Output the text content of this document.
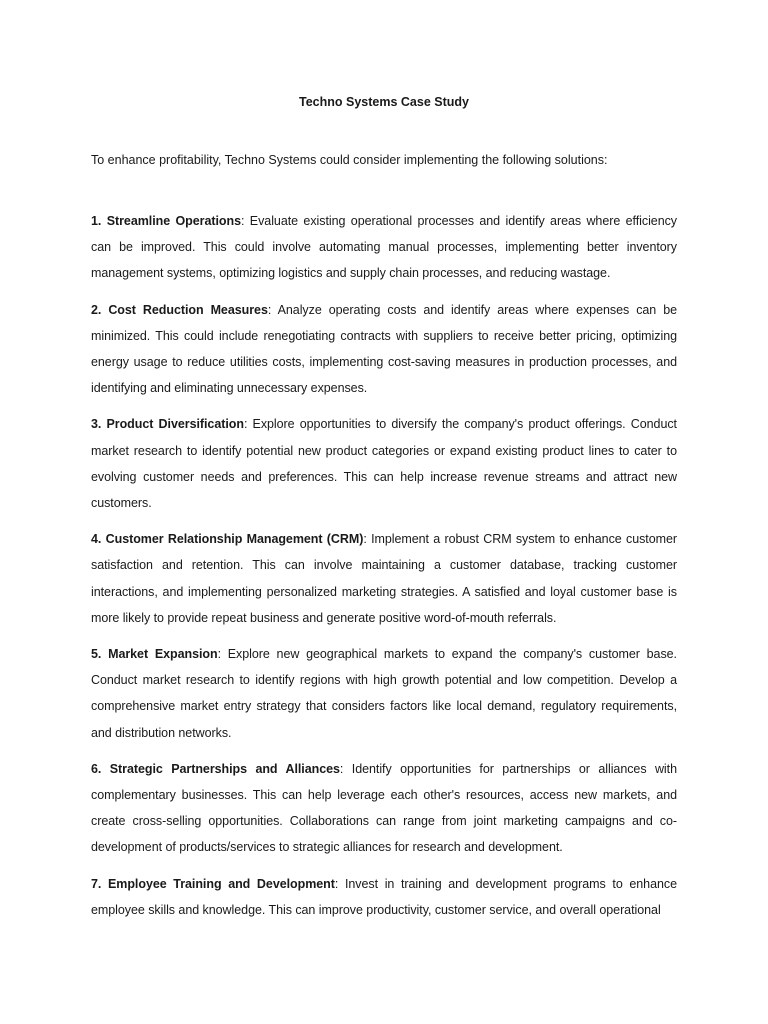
Techno Systems Case Study

To enhance profitability, Techno Systems could consider implementing the following solutions:

1. Streamline Operations: Evaluate existing operational processes and identify areas where efficiency can be improved. This could involve automating manual processes, implementing better inventory management systems, optimizing logistics and supply chain processes, and reducing wastage.
2. Cost Reduction Measures: Analyze operating costs and identify areas where expenses can be minimized. This could include renegotiating contracts with suppliers to receive better pricing, optimizing energy usage to reduce utilities costs, implementing cost-saving measures in production processes, and identifying and eliminating unnecessary expenses.
3. Product Diversification: Explore opportunities to diversify the company's product offerings. Conduct market research to identify potential new product categories or expand existing product lines to cater to evolving customer needs and preferences. This can help increase revenue streams and attract new customers.
4. Customer Relationship Management (CRM): Implement a robust CRM system to enhance customer satisfaction and retention. This can involve maintaining a customer database, tracking customer interactions, and implementing personalized marketing strategies. A satisfied and loyal customer base is more likely to provide repeat business and generate positive word-of-mouth referrals.
5. Market Expansion: Explore new geographical markets to expand the company's customer base. Conduct market research to identify regions with high growth potential and low competition. Develop a comprehensive market entry strategy that considers factors like local demand, regulatory requirements, and distribution networks.
6. Strategic Partnerships and Alliances: Identify opportunities for partnerships or alliances with complementary businesses. This can help leverage each other's resources, access new markets, and create cross-selling opportunities. Collaborations can range from joint marketing campaigns and co-development of products/services to strategic alliances for research and development.
7. Employee Training and Development: Invest in training and development programs to enhance employee skills and knowledge. This can improve productivity, customer service, and overall operational
